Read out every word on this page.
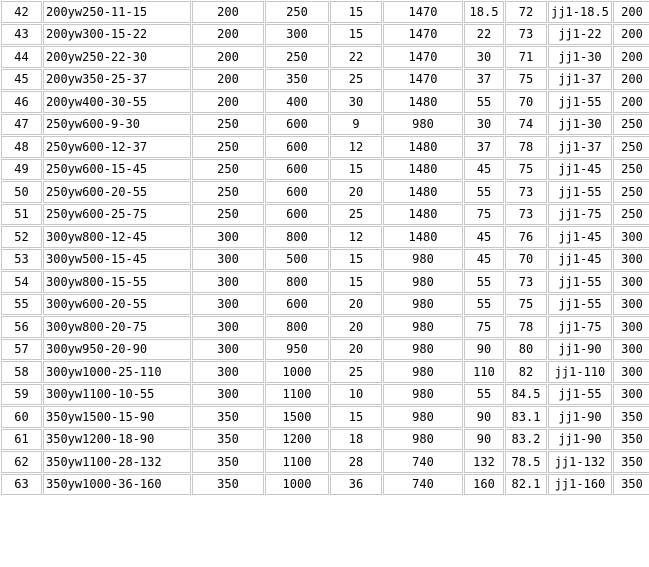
42	200yw250-11-15	200	250	15	1470	18.5	72	jj1-18.5	200
43	200yw300-15-22	200	300	15	1470	22	73	jj1-22	200
44	200yw250-22-30	200	250	22	1470	30	71	jj1-30	200
45	200yw350-25-37	200	350	25	1470	37	75	jj1-37	200
46	200yw400-30-55	200	400	30	1480	55	70	jj1-55	200
47	250yw600-9-30	250	600	9	980	30	74	jj1-30	250
48	250yw600-12-37	250	600	12	1480	37	78	jj1-37	250
49	250yw600-15-45	250	600	15	1480	45	75	jj1-45	250
50	250yw600-20-55	250	600	20	1480	55	73	jj1-55	250
51	250yw600-25-75	250	600	25	1480	75	73	jj1-75	250
52	300yw800-12-45	300	800	12	1480	45	76	jj1-45	300
53	300yw500-15-45	300	500	15	980	45	70	jj1-45	300
54	300yw800-15-55	300	800	15	980	55	73	jj1-55	300
55	300yw600-20-55	300	600	20	980	55	75	jj1-55	300
56	300yw800-20-75	300	800	20	980	75	78	jj1-75	300
57	300yw950-20-90	300	950	20	980	90	80	jj1-90	300
58	300yw1000-25-110	300	1000	25	980	110	82	jj1-110	300
59	300yw1100-10-55	300	1100	10	980	55	84.5	jj1-55	300
60	350yw1500-15-90	350	1500	15	980	90	83.1	jj1-90	350
61	350yw1200-18-90	350	1200	18	980	90	83.2	jj1-90	350
62	350yw1100-28-132	350	1100	28	740	132	78.5	jj1-132	350
63	350yw1000-36-160	350	1000	36	740	160	82.1	jj1-160	350
